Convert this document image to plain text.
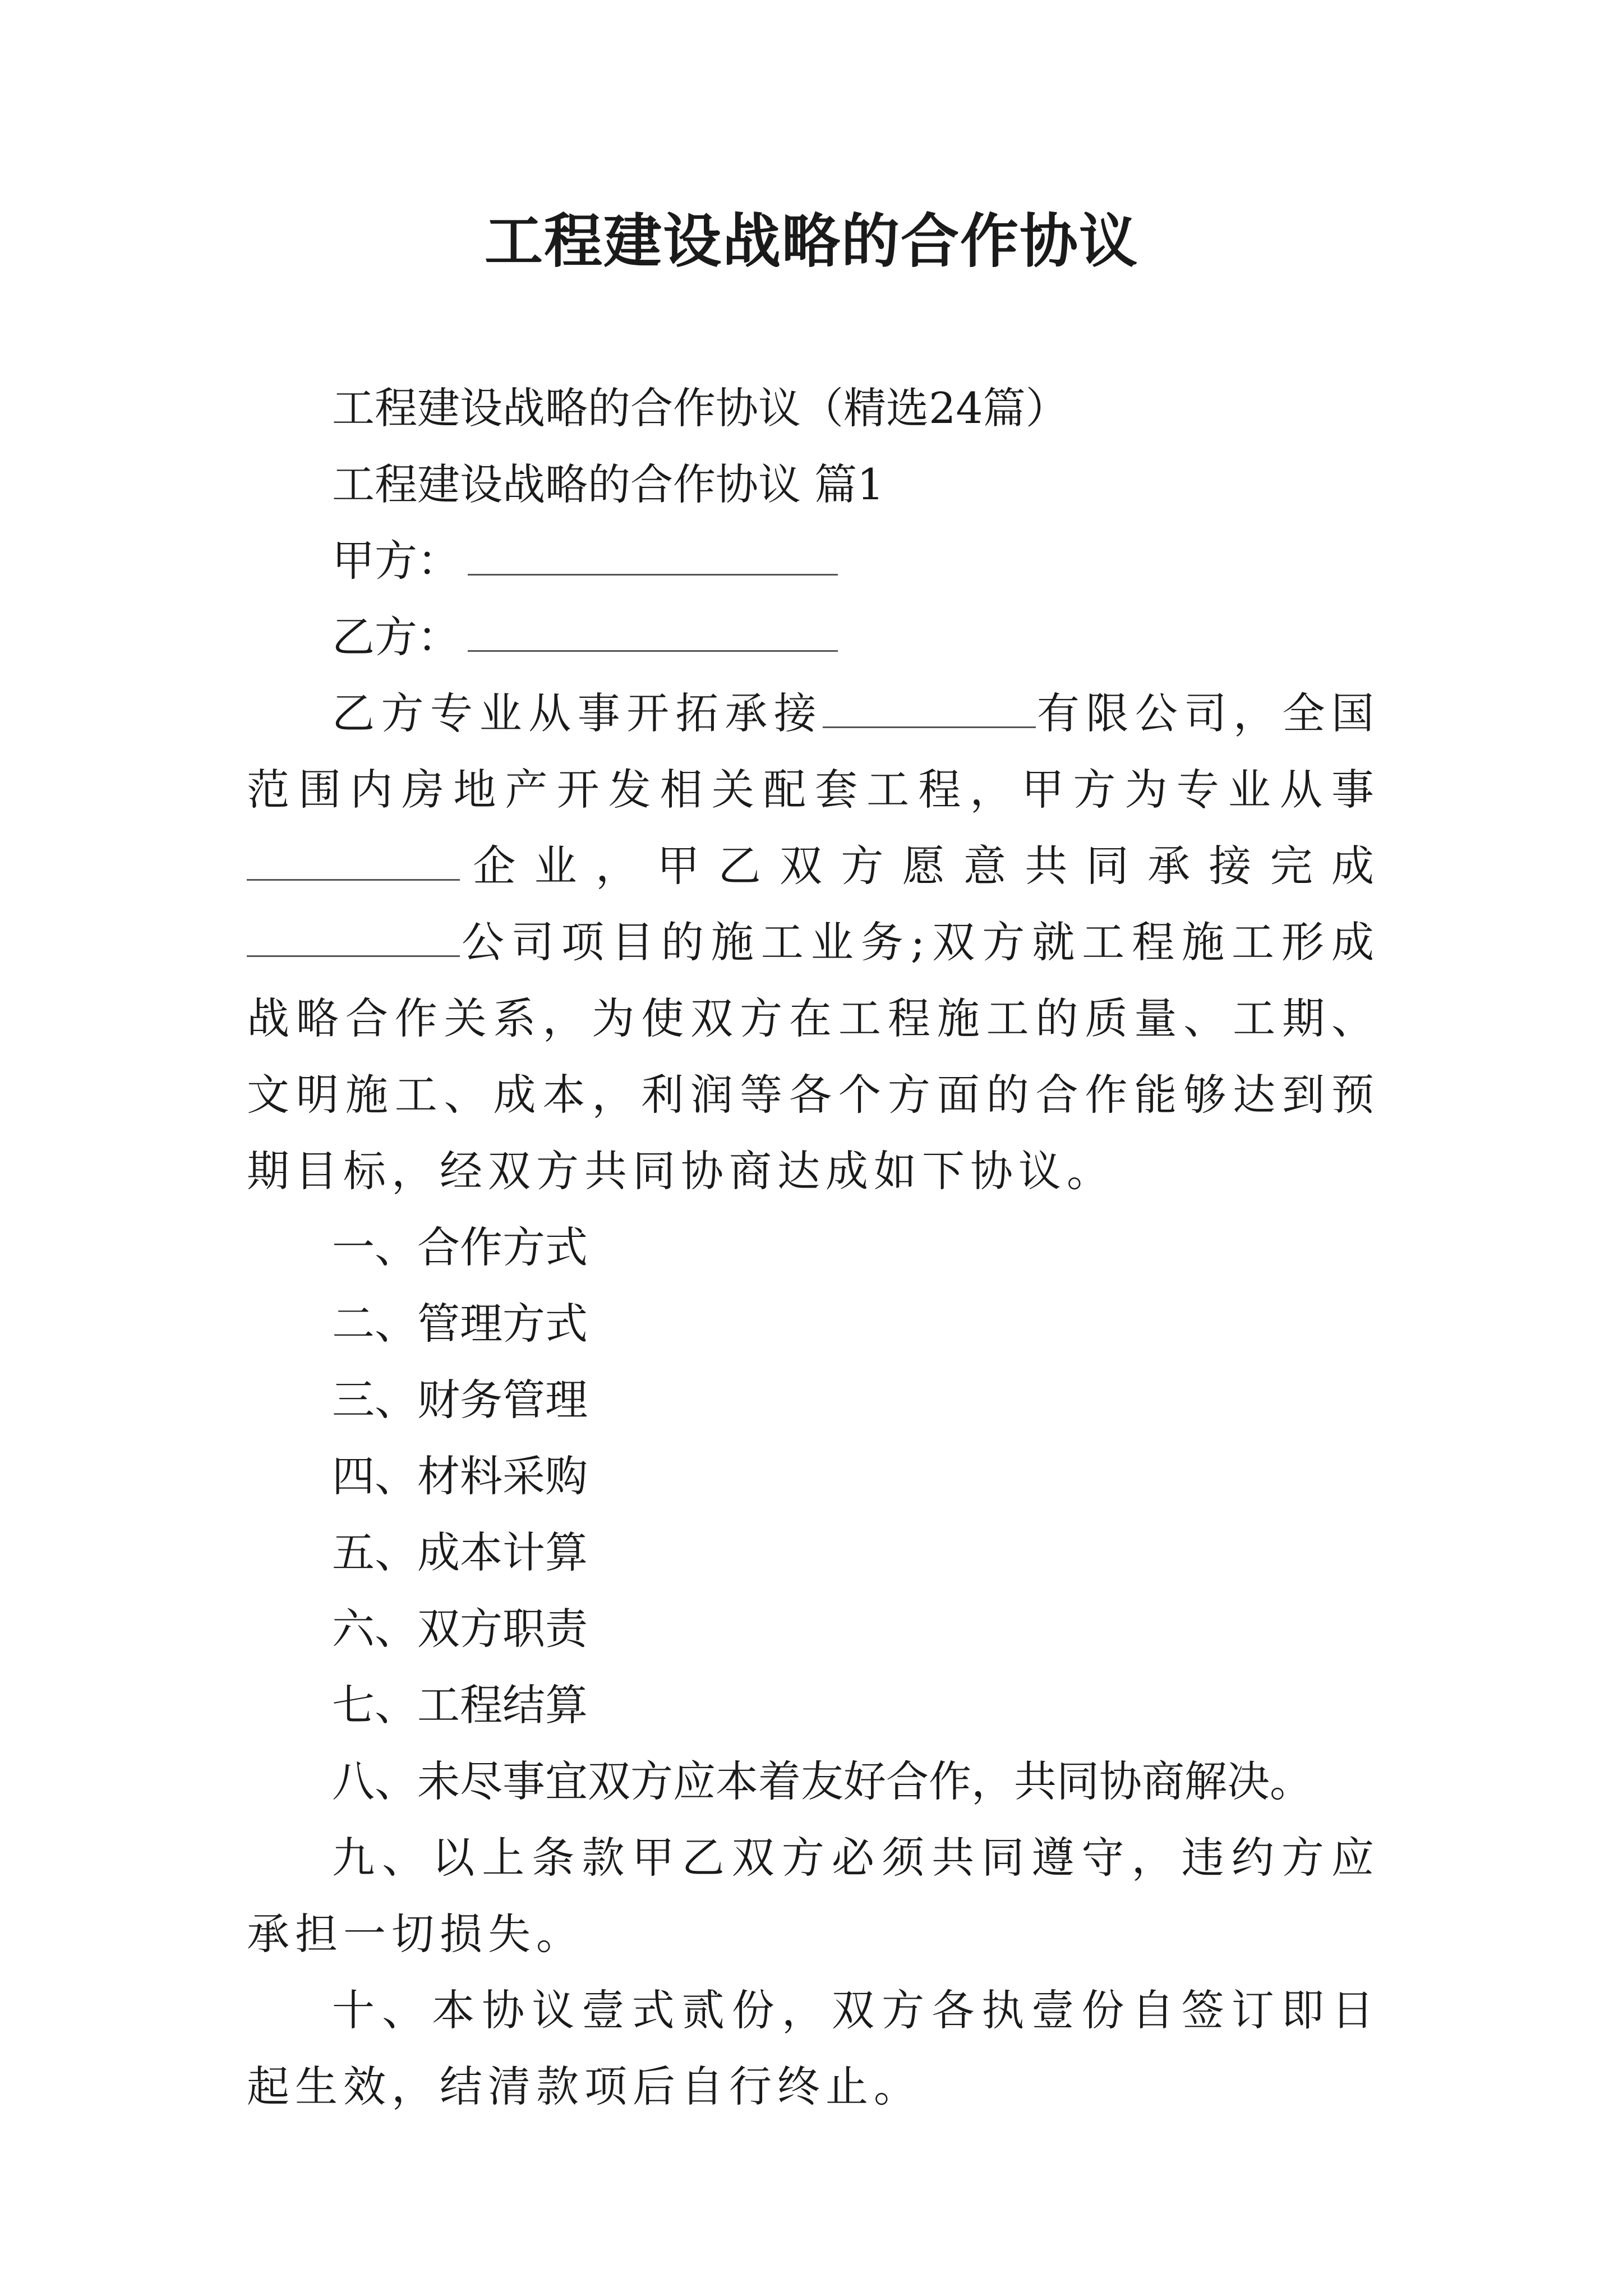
工程建设战略的合作协议

工程建设战略的合作协议（精选24篇）

工程建设战略的合作协议 篇1

甲方：

乙方：

乙方专业从事开拓承接	有限公司，全国范围内房地产开发相关配套工程，甲方为专业从事企业，甲乙双方愿意共同承接完成公司项目的施工业务;双方就工程施工形成战略合作关系，为使双方在工程施工的质量、工期、文明施工、成本，利润等各个方面的合作能够达到预期目标，经双方共同协商达成如下协议。

一、合作方式

二、管理方式

三、财务管理

四、材料采购

五、成本计算

六、双方职责

七、工程结算

八、未尽事宜双方应本着友好合作，共同协商解决。

九、以上条款甲乙双方必须共同遵守，违约方应承担一切损失。

十、本协议壹式贰份，双方各执壹份自签订即日起生效，结清款项后自行终止。
